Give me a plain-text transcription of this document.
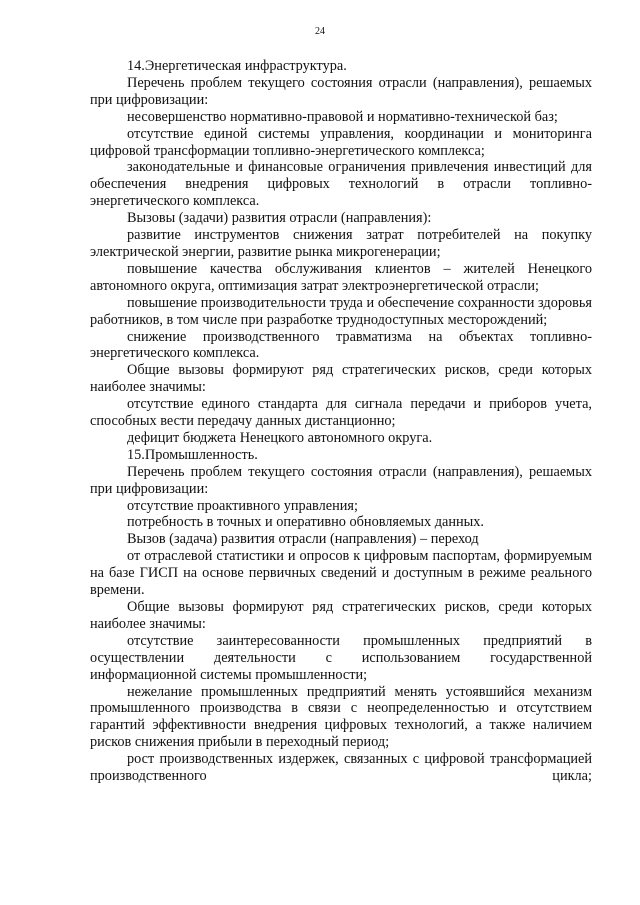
24

14.Энергетическая инфраструктура.

Перечень проблем текущего состояния отрасли (направления), решаемых при цифровизации:

несовершенство нормативно-правовой и нормативно-технической баз;

отсутствие единой системы управления, координации и мониторинга цифровой трансформации топливно-энергетического комплекса;

законодательные и финансовые ограничения привлечения инвестиций для обеспечения внедрения цифровых технологий в отрасли топливно-энергетического комплекса.

Вызовы (задачи) развития отрасли (направления):

развитие инструментов снижения затрат потребителей на покупку электрической энергии, развитие рынка микрогенерации;

повышение качества обслуживания клиентов – жителей Ненецкого автономного округа, оптимизация затрат электроэнергетической отрасли;

повышение производительности труда и обеспечение сохранности здоровья работников, в том числе при разработке труднодоступных месторождений;

снижение производственного травматизма на объектах топливно-энергетического комплекса.

Общие вызовы формируют ряд стратегических рисков, среди которых наиболее значимы:

отсутствие единого стандарта для сигнала передачи и приборов учета, способных вести передачу данных дистанционно;

дефицит бюджета Ненецкого автономного округа.

15.Промышленность.

Перечень проблем текущего состояния отрасли (направления), решаемых при цифровизации:

отсутствие проактивного управления;

потребность в точных и оперативно обновляемых данных.

Вызов (задача) развития отрасли (направления) – переход

от отраслевой статистики и опросов к цифровым паспортам, формируемым на базе ГИСП на основе первичных сведений и доступным в режиме реального времени.

Общие вызовы формируют ряд стратегических рисков, среди которых наиболее значимы:

отсутствие заинтересованности промышленных предприятий в осуществлении деятельности с использованием государственной информационной системы промышленности;

нежелание промышленных предприятий менять устоявшийся механизм промышленного производства в связи с неопределенностью и отсутствием гарантий эффективности внедрения цифровых технологий, а также наличием рисков снижения прибыли в переходный период;

рост производственных издержек, связанных с цифровой трансформацией производственного цикла;
